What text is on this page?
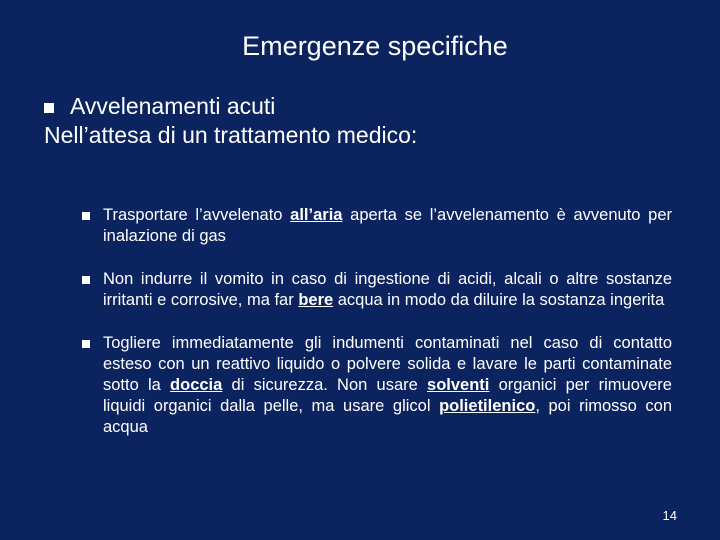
Emergenze specifiche
Avvelenamenti acuti
Nell’attesa di un trattamento medico:
Trasportare l’avvelenato all’aria aperta se l’avvelenamento è avvenuto per inalazione di gas
Non indurre il vomito in caso di ingestione di acidi, alcali o altre sostanze irritanti e corrosive, ma far bere acqua in modo da diluire la sostanza ingerita
Togliere immediatamente gli indumenti contaminati nel caso di contatto esteso con un reattivo liquido o polvere solida e lavare le parti contaminate sotto la doccia di sicurezza. Non usare solventi organici per rimuovere liquidi organici dalla pelle, ma usare glicol polietilenico, poi rimosso con acqua
14
